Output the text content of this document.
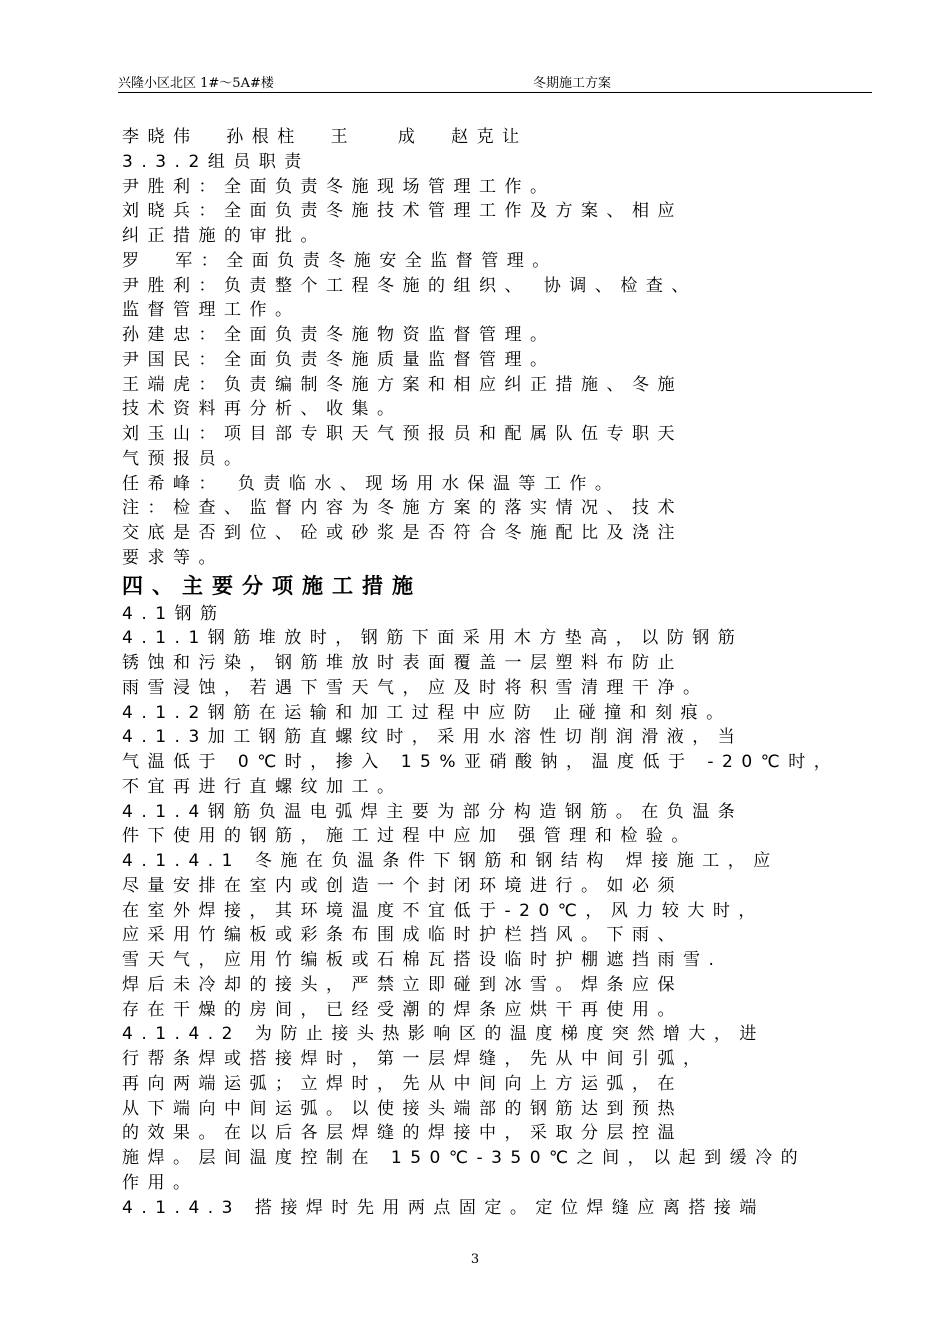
兴隆小区北区 1#～5A#楼	冬期施工方案
李晓伟  孙根柱  王   成  赵克让
3.3.2组员职责
尹胜利：全面负责冬施现场管理工作。
刘晓兵：全面负责冬施技术管理工作及方案、相应
纠正措施的审批。
罗  军：全面负责冬施安全监督管理。
尹胜利：负责整个工程冬施的组织、 协调、检查、
监督管理工作。
孙建忠：全面负责冬施物资监督管理。
尹国民：全面负责冬施质量监督管理。
王端虎：负责编制冬施方案和相应纠正措施、冬施
技术资料再分析、收集。
刘玉山：项目部专职天气预报员和配属队伍专职天
气预报员。
任希峰： 负责临水、现场用水保温等工作。
注：检查、监督内容为冬施方案的落实情况、技术
交底是否到位、砼或砂浆是否符合冬施配比及浇注
要求等。
四、主要分项施工措施
4.1钢筋
4.1.1钢筋堆放时，钢筋下面采用木方垫高，以防钢筋
锈蚀和污染，钢筋堆放时表面覆盖一层塑料布防止
雨雪浸蚀，若遇下雪天气，应及时将积雪清理干净。
4.1.2钢筋在运输和加工过程中应防 止碰撞和刻痕。
4.1.3加工钢筋直螺纹时，采用水溶性切削润滑液，当
气温低于 0℃时，掺入 15%亚硝酸钠，温度低于 -20℃时，
不宜再进行直螺纹加工。
4.1.4钢筋负温电弧焊主要为部分构造钢筋。在负温条
件下使用的钢筋，施工过程中应加 强管理和检验。
4.1.4.1 冬施在负温条件下钢筋和钢结构 焊接施工，应
尽量安排在室内或创造一个封闭环境进行。如必须
在室外焊接，其环境温度不宜低于-20℃，风力较大时，
应采用竹编板或彩条布围成临时护栏挡风。下雨、
雪天气，应用竹编板或石棉瓦搭设临时护棚遮挡雨雪.
焊后未冷却的接头，严禁立即碰到冰雪。焊条应保
存在干燥的房间，已经受潮的焊条应烘干再使用。
4.1.4.2 为防止接头热影响区的温度梯度突然增大，进
行帮条焊或搭接焊时，第一层焊缝，先从中间引弧，
再向两端运弧；立焊时，先从中间向上方运弧，在
从下端向中间运弧。以使接头端部的钢筋达到预热
的效果。在以后各层焊缝的焊接中，采取分层控温
施焊。层间温度控制在 150℃-350℃之间，以起到缓冷的
作用。
4.1.4.3 搭接焊时先用两点固定。定位焊缝应离搭接端
3
